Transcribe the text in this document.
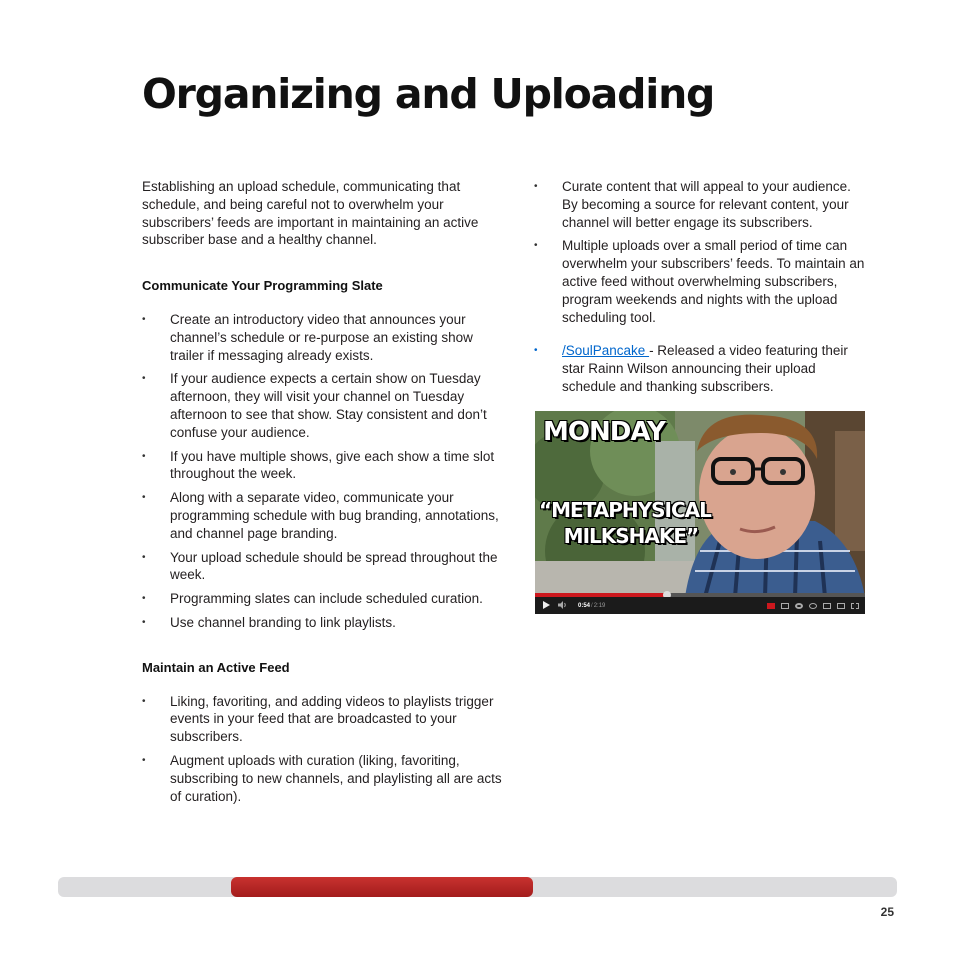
Organizing and Uploading

Establishing an upload schedule, communicating that schedule, and being careful not to overwhelm your subscribers’ feeds are important in maintaining an active subscriber base and a healthy channel.

Communicate Your Programming Slate

• Create an introductory video that announces your channel’s schedule or re-purpose an existing show trailer if messaging already exists.
• If your audience expects a certain show on Tuesday afternoon, they will visit your channel on Tuesday afternoon to see that show. Stay consistent and don’t confuse your audience.
• If you have multiple shows, give each show a time slot throughout the week.
• Along with a separate video, communicate your programming schedule with bug branding, annotations, and channel page branding.
• Your upload schedule should be spread throughout the week.
• Programming slates can include scheduled curation.
• Use channel branding to link playlists.

Maintain an Active Feed

• Liking, favoriting, and adding videos to playlists trigger events in your feed that are broadcasted to your subscribers.
• Augment uploads with curation (liking, favoriting, subscribing to new channels, and playlisting all are acts of curation).
• Curate content that will appeal to your audience. By becoming a source for relevant content, your channel will better engage its subscribers.
• Multiple uploads over a small period of time can overwhelm your subscribers’ feeds. To maintain an active feed without overwhelming subscribers, program weekends and nights with the upload scheduling tool.
• /SoulPancake - Released a video featuring their star Rainn Wilson announcing their upload schedule and thanking subscribers.
MONDAY
“METAPHYSICAL
MILKSHAKE”
0:54 / 2:19
25
